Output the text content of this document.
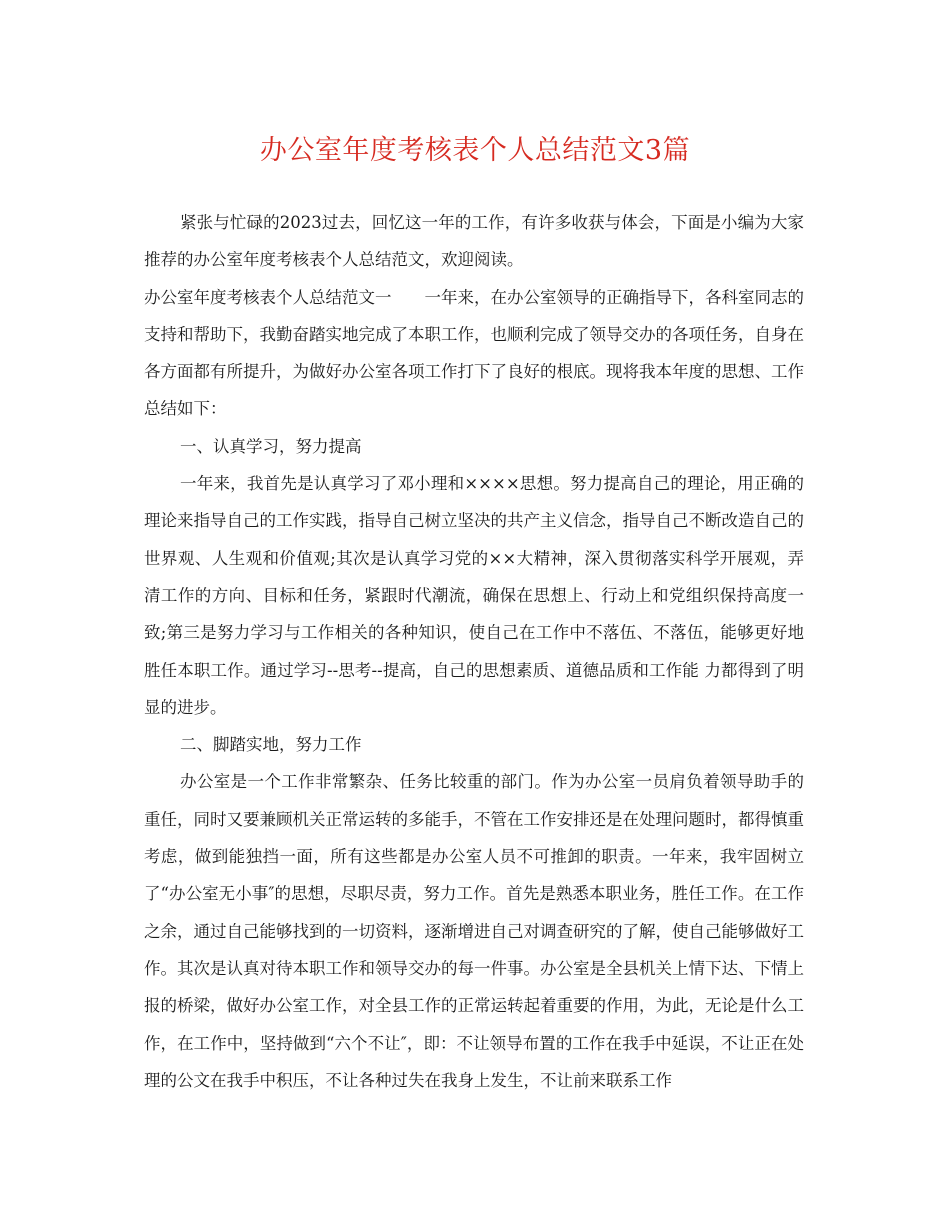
办公室年度考核表个人总结范文3篇

紧张与忙碌的2023过去，回忆这一年的工作，有许多收获与体会，下面是小编为大家推荐的办公室年度考核表个人总结范文，欢迎阅读。

办公室年度考核表个人总结范文一　　一年来，在办公室领导的正确指导下，各科室同志的支持和帮助下，我勤奋踏实地完成了本职工作，也顺利完成了领导交办的各项任务，自身在各方面都有所提升，为做好办公室各项工作打下了良好的根底。现将我本年度的思想、工作总结如下：

一、认真学习，努力提高

一年来，我首先是认真学习了邓小理和××××思想。努力提高自己的理论，用正确的理论来指导自己的工作实践，指导自己树立坚决的共产主义信念，指导自己不断改造自己的世界观、人生观和价值观;其次是认真学习党的××大精神，深入贯彻落实科学开展观，弄清工作的方向、目标和任务，紧跟时代潮流，确保在思想上、行动上和党组织保持高度一致;第三是努力学习与工作相关的各种知识，使自己在工作中不落伍、不落伍，能够更好地胜任本职工作。通过学习--思考--提高，自己的思想素质、道德品质和工作能 力都得到了明显的进步。

二、脚踏实地，努力工作

办公室是一个工作非常繁杂、任务比较重的部门。作为办公室一员肩负着领导助手的重任，同时又要兼顾机关正常运转的多能手，不管在工作安排还是在处理问题时，都得慎重考虑，做到能独挡一面，所有这些都是办公室人员不可推卸的职责。一年来，我牢固树立了“办公室无小事″的思想，尽职尽责，努力工作。首先是熟悉本职业务，胜任工作。在工作之余，通过自己能够找到的一切资料，逐渐增进自己对调查研究的了解，使自己能够做好工作。其次是认真对待本职工作和领导交办的每一件事。办公室是全县机关上情下达、下情上报的桥梁，做好办公室工作，对全县工作的正常运转起着重要的作用，为此，无论是什么工作，在工作中，坚持做到“六个不让″，即：不让领导布置的工作在我手中延误，不让正在处理的公文在我手中积压，不让各种过失在我身上发生，不让前来联系工作
